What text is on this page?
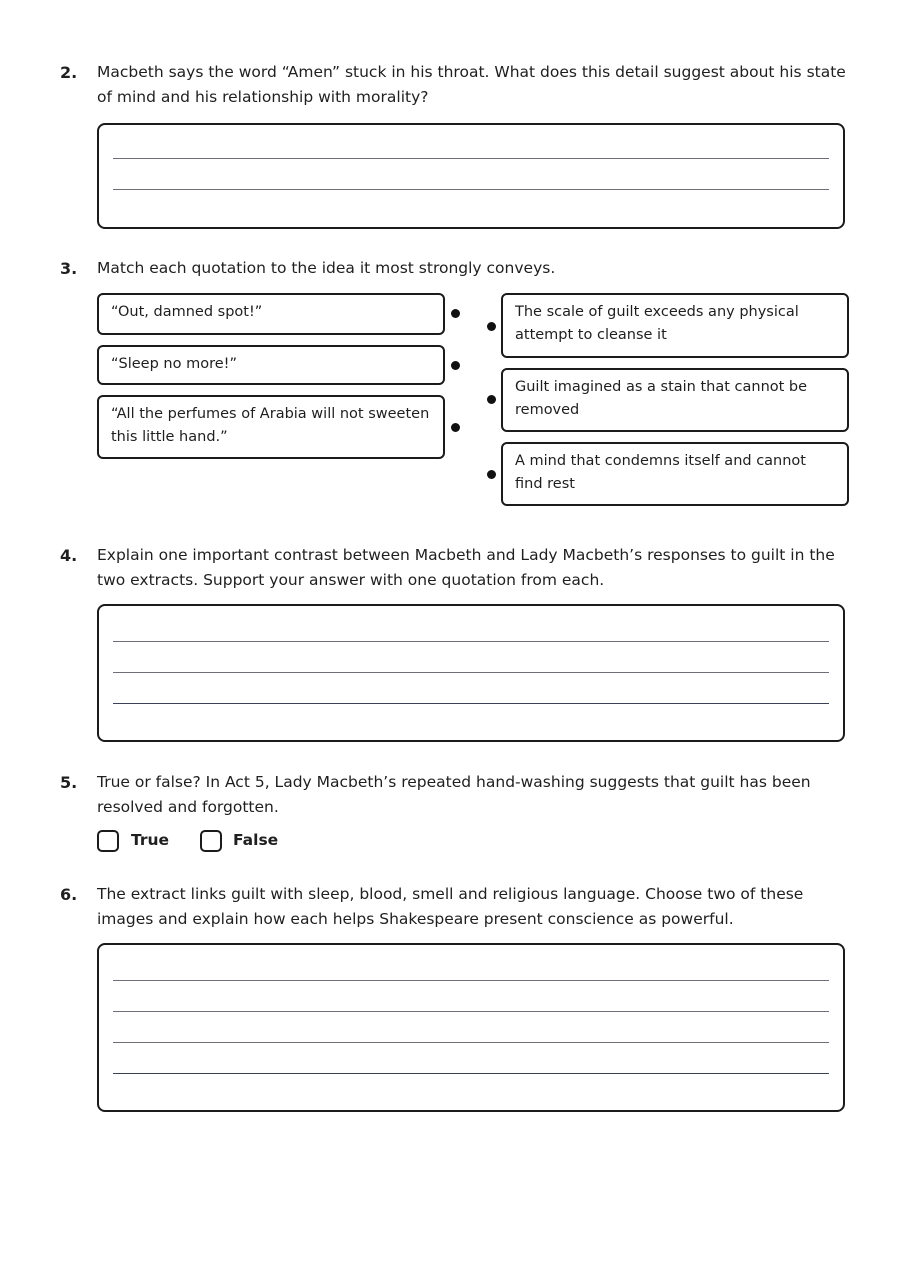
2. Macbeth says the word “Amen” stuck in his throat. What does this detail suggest about his state of mind and his relationship with morality?
3. Match each quotation to the idea it most strongly conveys.
“Out, damned spot!”
“Sleep no more!”
“All the perfumes of Arabia will not sweeten this little hand.”
The scale of guilt exceeds any physical attempt to cleanse it
Guilt imagined as a stain that cannot be removed
A mind that condemns itself and cannot find rest
4. Explain one important contrast between Macbeth and Lady Macbeth’s responses to guilt in the two extracts. Support your answer with one quotation from each.
5. True or false? In Act 5, Lady Macbeth’s repeated hand-washing suggests that guilt has been resolved and forgotten.
True	False
6. The extract links guilt with sleep, blood, smell and religious language. Choose two of these images and explain how each helps Shakespeare present conscience as powerful.
